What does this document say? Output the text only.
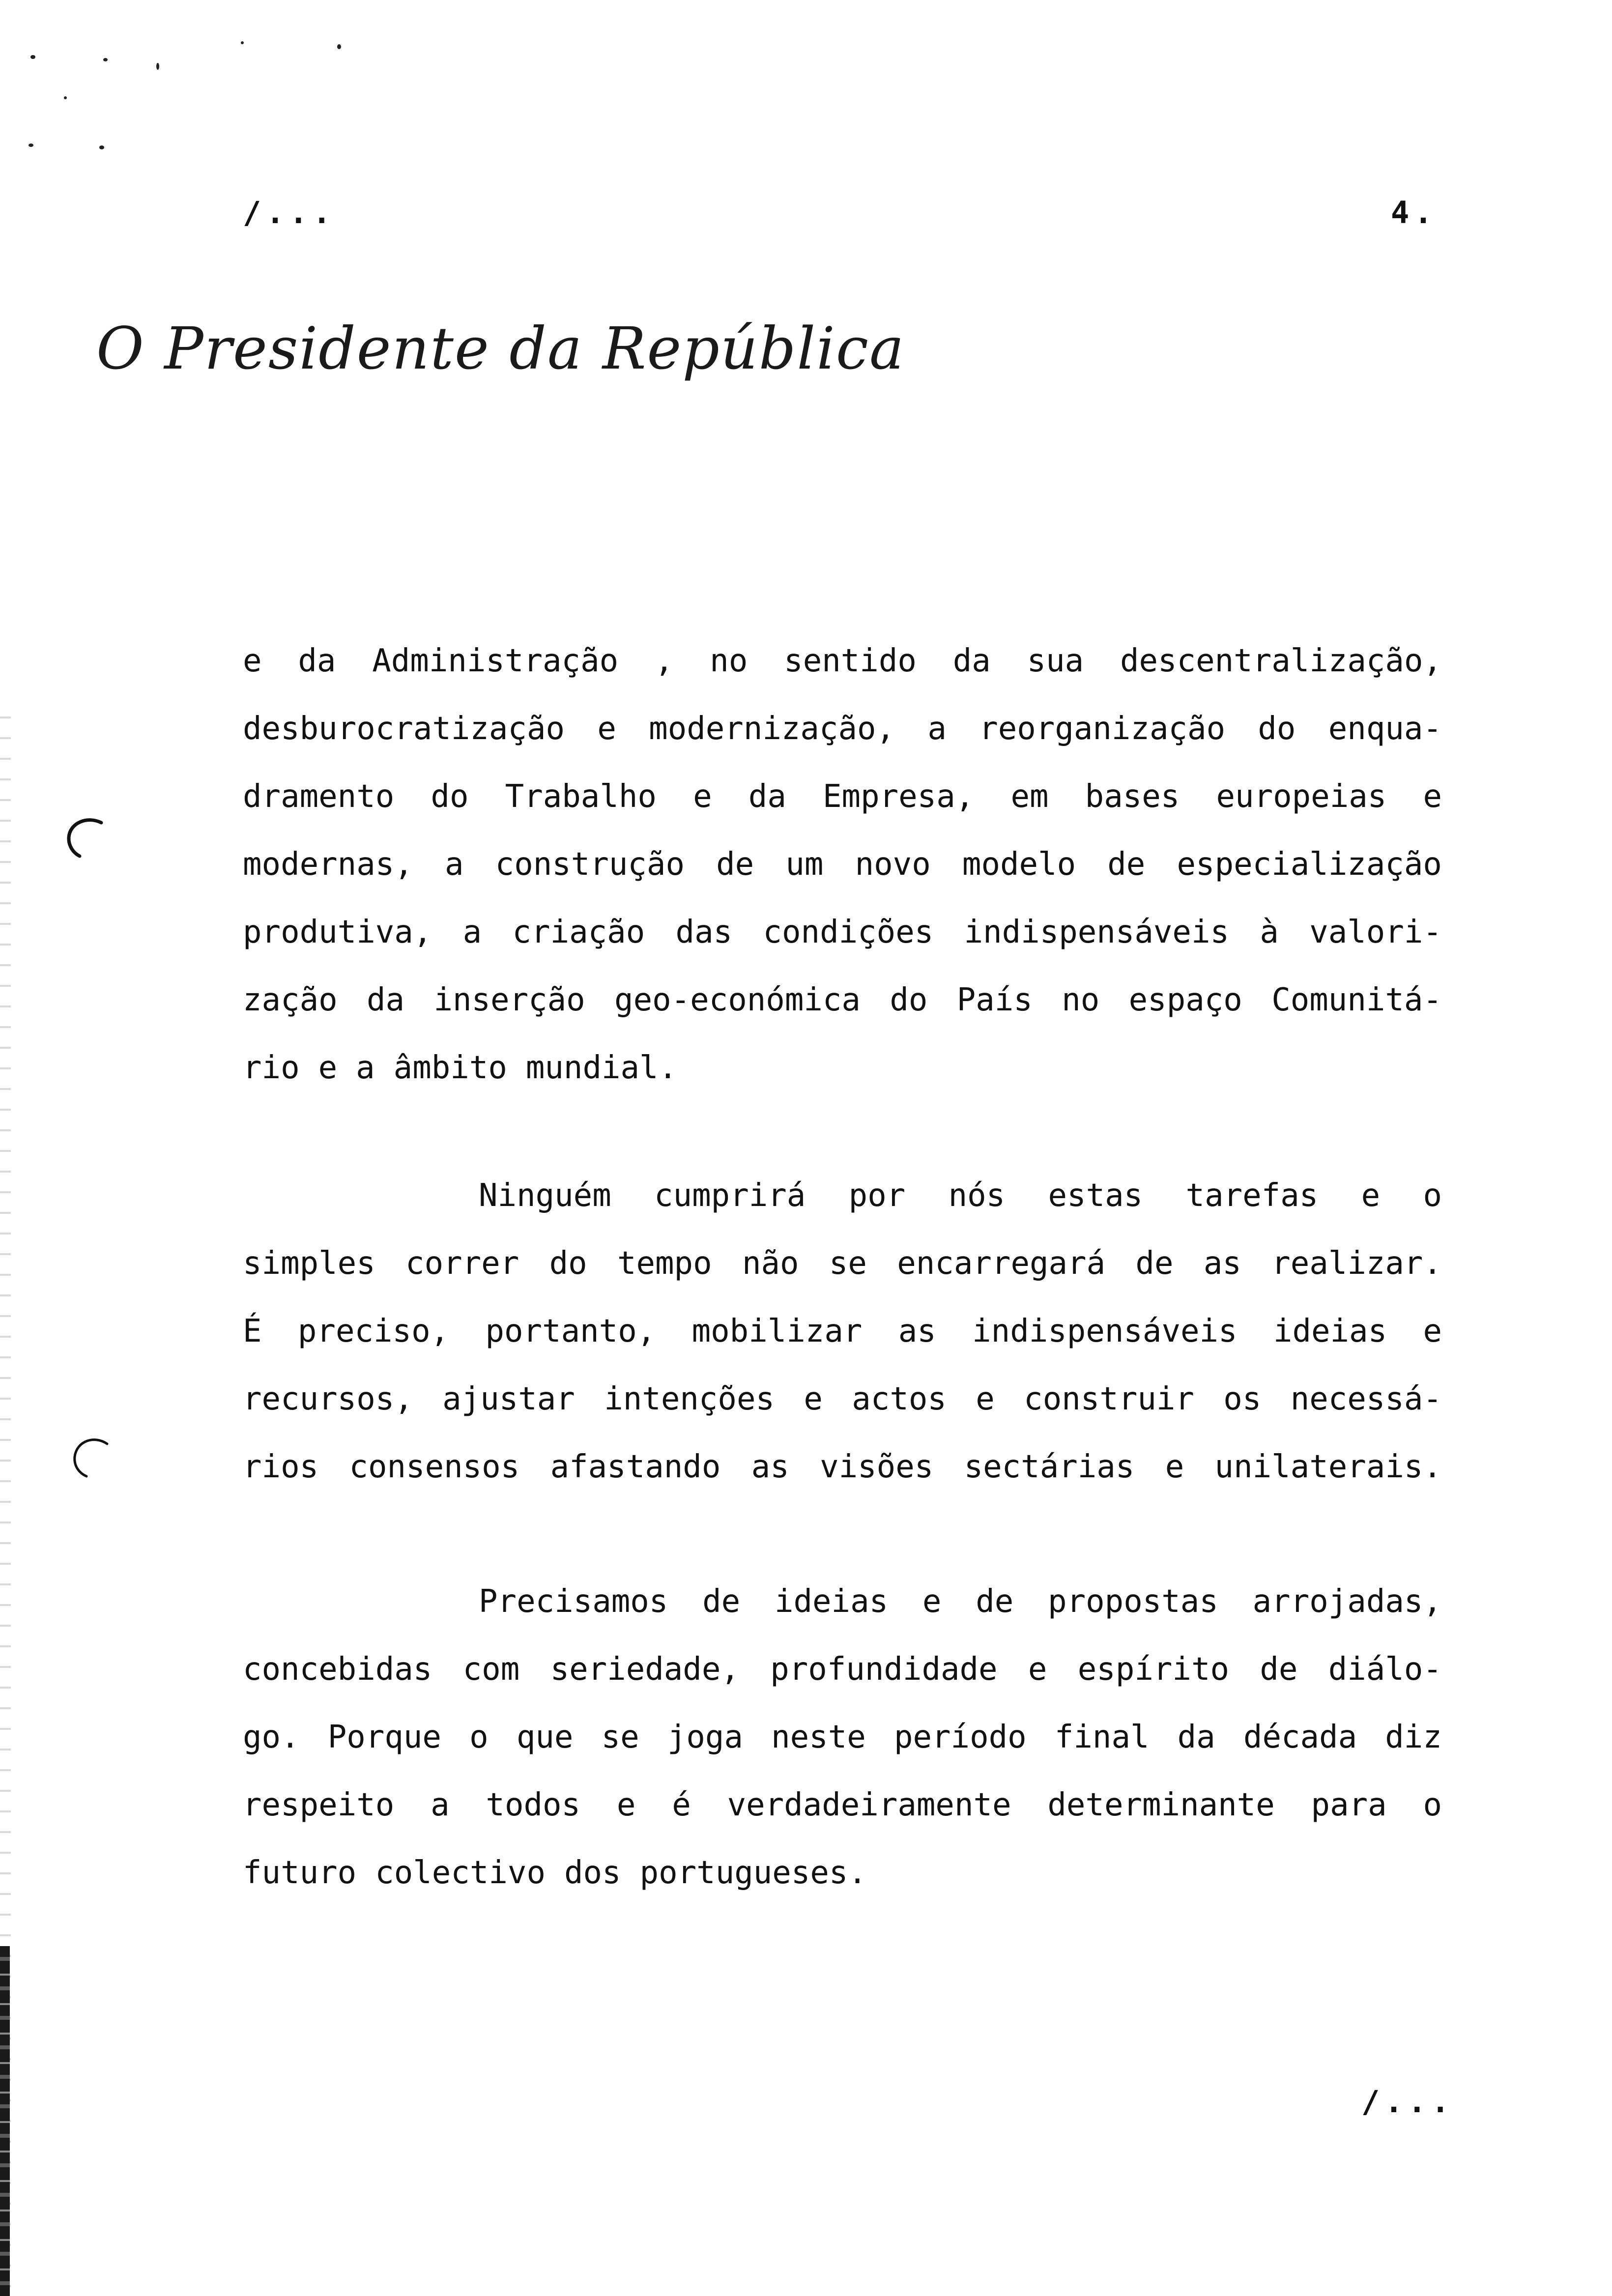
/...	4.
O Presidente da República
e da Administração , no sentido da sua descentralização,
desburocratização e modernização, a reorganização do enqua-
dramento do Trabalho e da Empresa, em bases europeias e
modernas, a construção de um novo modelo de especialização
produtiva, a criação das condições indispensáveis à valori-
zação da inserção geo-económica do País no espaço Comunitá-
rio e a âmbito mundial.
Ninguém cumprirá por nós estas tarefas e o
simples correr do tempo não se encarregará de as realizar.
É preciso, portanto, mobilizar as indispensáveis ideias e
recursos, ajustar intenções e actos e construir os necessá-
rios consensos afastando as visões sectárias e unilaterais.
Precisamos de ideias e de propostas arrojadas,
concebidas com seriedade, profundidade e espírito de diálo-
go. Porque o que se joga neste período final da década diz
respeito a todos e é verdadeiramente determinante para o
futuro colectivo dos portugueses.
/...
